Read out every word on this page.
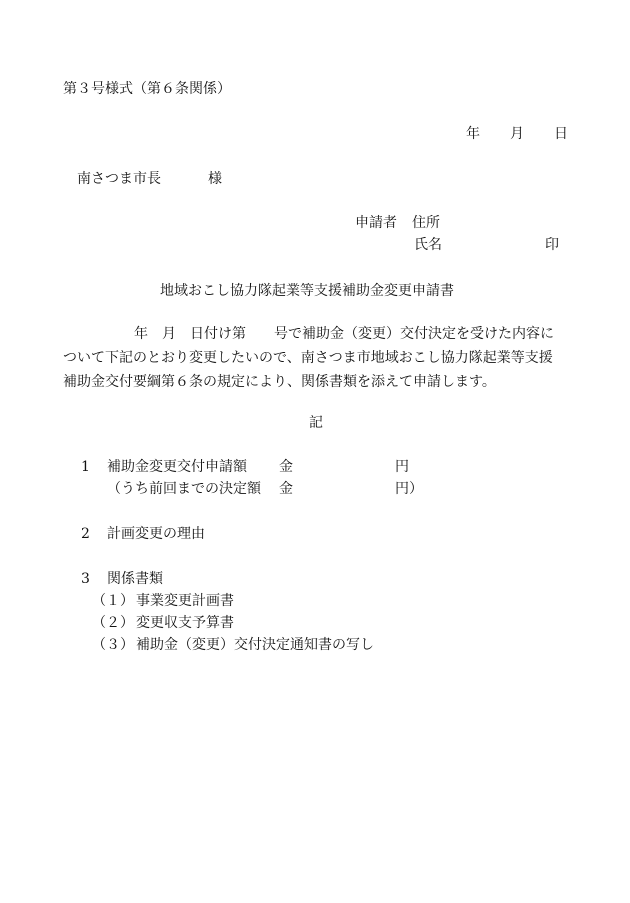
第３号様式（第６条関係）
年 月 日
南さつま市長	様
申請者 住所
氏名	印
地域おこし協力隊起業等支援補助金変更申請書
年　月　日付け第　　号で補助金（変更）交付決定を受けた内容に
ついて下記のとおり変更したいので、南さつま市地域おこし協力隊起業等支援
補助金交付要綱第６条の規定により、関係書類を添えて申請します。
記
1 補助金変更交付申請額 金	円
（うち前回までの決定額 金	円）
2 計画変更の理由
3 関係書類
（１） 事業変更計画書
（２） 変更収支予算書
（３） 補助金（変更）交付決定通知書の写し
